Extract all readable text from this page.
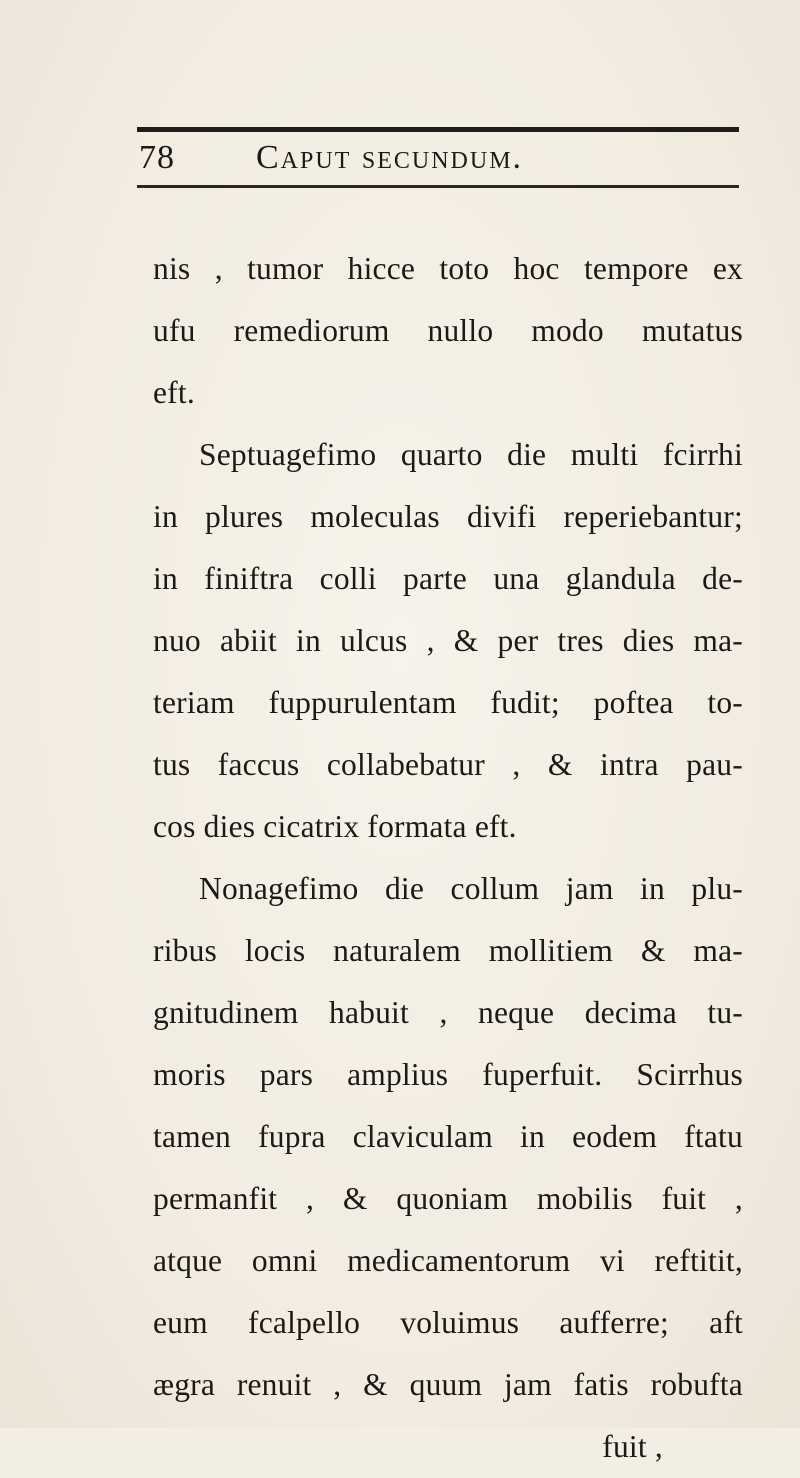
78 Caput secundum.
nis , tumor hicce toto hoc tempore ex
ufu remediorum nullo modo mutatus
eft.
Septuagefimo quarto die multi fcirrhi
in plures moleculas divifi reperiebantur;
in finiftra colli parte una glandula de-
nuo abiit in ulcus , & per tres dies ma-
teriam fuppurulentam fudit; poftea to-
tus faccus collabebatur , & intra pau-
cos dies cicatrix formata eft.
Nonagefimo die collum jam in plu-
ribus locis naturalem mollitiem & ma-
gnitudinem habuit , neque decima tu-
moris pars amplius fuperfuit. Scirrhus
tamen fupra claviculam in eodem ftatu
permanfit , & quoniam mobilis fuit ,
atque omni medicamentorum vi reftitit,
eum fcalpello voluimus aufferre; aft
ægra renuit , & quum jam fatis robufta
fuit ,
